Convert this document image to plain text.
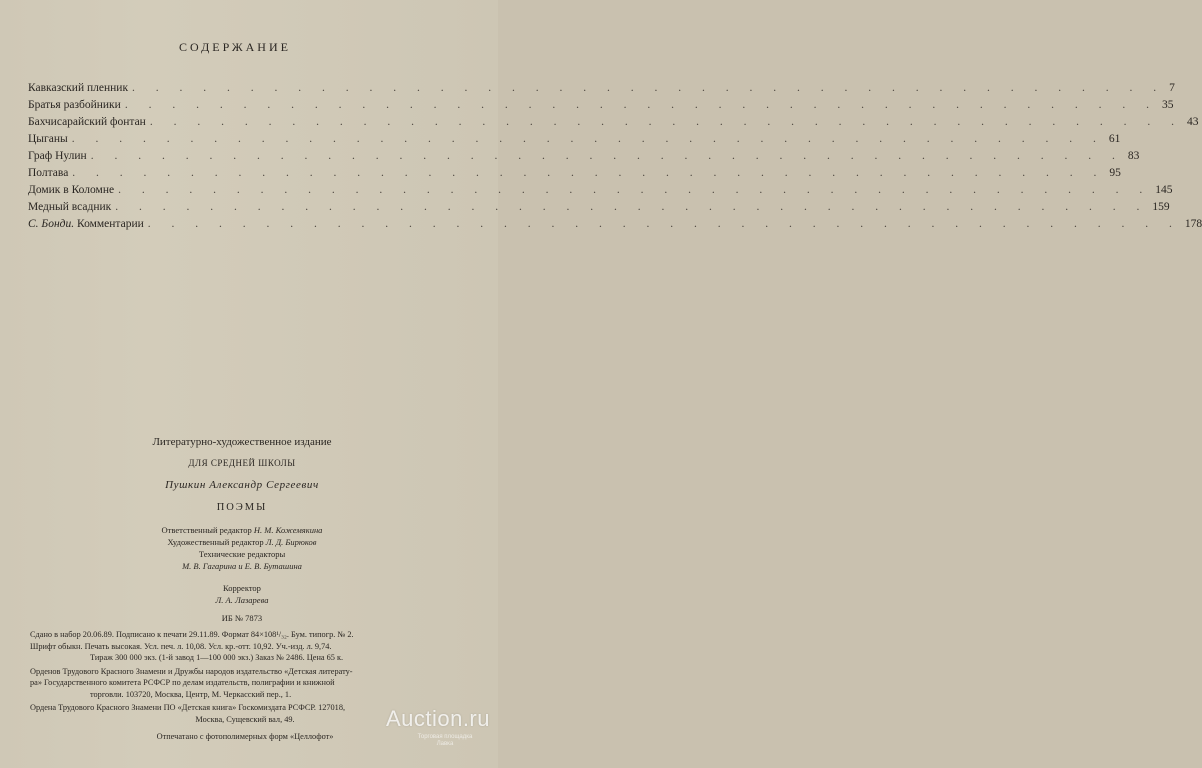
СОДЕРЖАНИЕ
Кавказский пленник . . . . . . . . . . . . . . . . . . . . . . . . . . . . . . . . . . . . . . . . . . . . 7
Братья разбойники . . . . . . . . . . . . . . . . . . . . . . . . . . . . . . . . . . . . . . . . . . . . 35
Бахчисарайский фонтан . . . . . . . . . . . . . . . . . . . . . . . . . . . . . . . . . . . . . . . . . . . . 43
Цыганы . . . . . . . . . . . . . . . . . . . . . . . . . . . . . . . . . . . . . . . . . . . . 61
Граф Нулин . . . . . . . . . . . . . . . . . . . . . . . . . . . . . . . . . . . . . . . . . . . . 83
Полтава . . . . . . . . . . . . . . . . . . . . . . . . . . . . . . . . . . . . . . . . . . . . 95
Домик в Коломне . . . . . . . . . . . . . . . . . . . . . . . . . . . . . . . . . . . . . . . . . . . . 145
Медный всадник . . . . . . . . . . . . . . . . . . . . . . . . . . . . . . . . . . . . . . . . . . . . 159
С. Бонди. Комментарии . . . . . . . . . . . . . . . . . . . . . . . . . . . . . . . . . . . . . . . . . . . . 178
Литературно-художественное издание
ДЛЯ СРЕДНЕЙ ШКОЛЫ
Пушкин Александр Сергеевич
ПОЭМЫ
Ответственный редактор Н. М. Кожемякина
Художественный редактор Л. Д. Бирюков
Технические редакторы
М. В. Гагарина и Е. В. Буташина
Корректор
Л. А. Лазарева
ИБ № 7873
Сдано в набор 20.06.89. Подписано к печати 29.11.89. Формат 84×108¹/₃₂. Бум. типогр. № 2.
Шрифт обыкн. Печать высокая. Усл. печ. л. 10,08. Усл. кр.-отт. 10,92. Уч.-изд. л. 9,74.
Тираж 300 000 экз. (1-й завод 1—100 000 экз.) Заказ № 2486. Цена 65 к.
Орденов Трудового Красного Знамени и Дружбы народов издательство «Детская литерату-
ра» Государственного комитета РСФСР по делам издательств, полиграфии и книжной
торговли. 103720, Москва, Центр, М. Черкасский пер., 1.
Ордена Трудового Красного Знамени ПО «Детская книга» Госкомиздата РСФСР. 127018,
Москва, Сущевский вал, 49.
Отпечатано с фотополимерных форм «Целлофот»
Auction.ru
Торговая площадка
Лавка
